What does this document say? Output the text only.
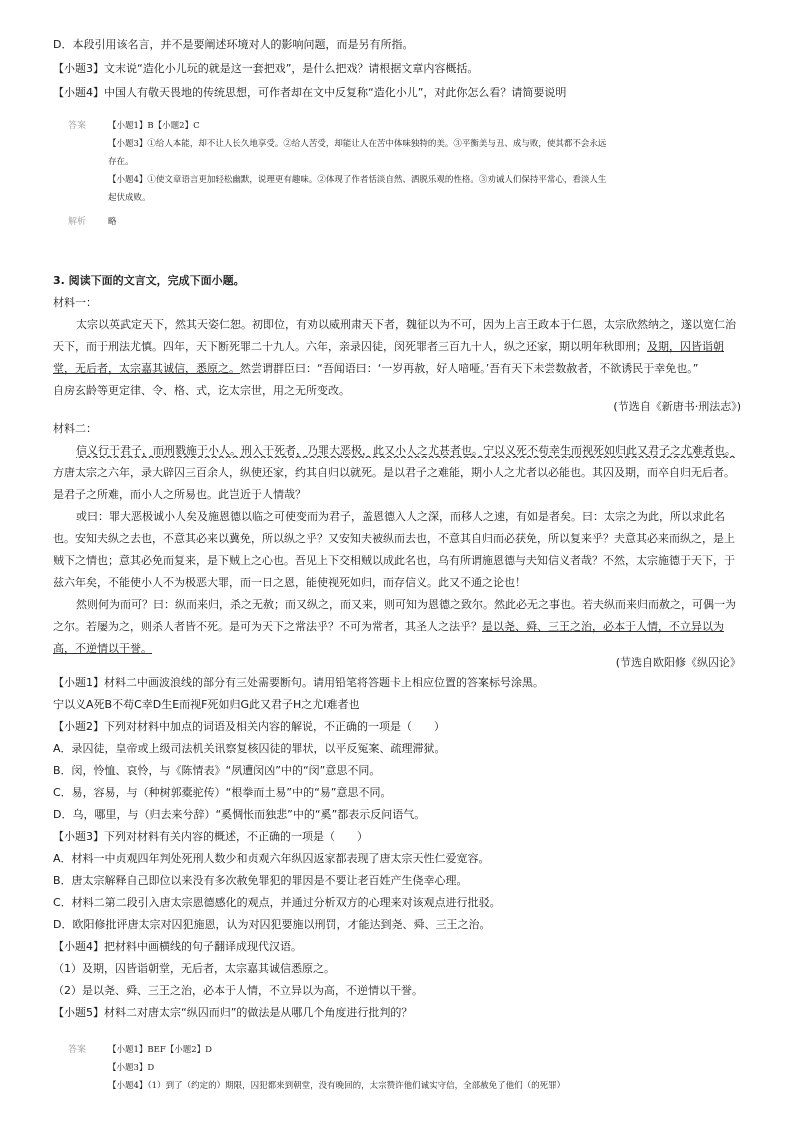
D．本段引用该名言，并不是要阐述环境对人的影响问题，而是另有所指。
【小题3】文末说“造化小儿玩的就是这一套把戏”，是什么把戏？请根据文章内容概括。
【小题4】中国人有敬天畏地的传统思想，可作者却在文中反复称“造化小儿”，对此你怎么看？请简要说明
答案	【小题1】B【小题2】C
【小题3】①给人本能，却不让人长久地享受。②给人苦受，却能让人在苦中体味独特的美。③平衡美与丑、成与败，使其都不会永远
存在。
【小题4】①使文章语言更加轻松幽默，说理更有趣味。②体现了作者恬淡自然、洒脱乐观的性格。③劝诫人们保持平常心，看淡人生
起伏成败。
解析	略
3. 阅读下面的文言文，完成下面小题。
材料一：
太宗以英武定天下，然其天姿仁恕。初即位，有劝以威刑肃天下者，魏征以为不可，因为上言王政本于仁恩，太宗欣然纳之，遂以宽仁治
天下，而于刑法尤慎。四年，天下断死罪二十九人。六年，亲录囚徒，闵死罪者三百九十人，纵之还家，期以明年秋即刑；及期，囚皆诣朝
堂，无后者，太宗嘉其诚信，悉原之。然尝谓群臣曰：“吾闻语曰：‘一岁再赦，好人喑哑。’吾有天下未尝数赦者，不欲诱民于幸免也。”
自房玄龄等更定律、令、格、式，讫太宗世，用之无所变改。
(节选自《新唐书·刑法志》)
材料二：
信义行于君子，而刑戮施于小人。刑入于死者，乃罪大恶极，此又小人之尤甚者也。宁以义死不苟幸生而视死如归此又君子之尤难者也。
方唐太宗之六年，录大辟囚三百余人，纵使还家，约其自归以就死。是以君子之难能，期小人之尤者以必能也。其囚及期，而卒自归无后者。
是君子之所难，而小人之所易也。此岂近于人情哉？
或曰：罪大恶极诚小人矣及施恩德以临之可使变而为君子，盖恩德入人之深，而移人之速，有如是者矣。曰：太宗之为此，所以求此名
也。安知夫纵之去也，不意其必来以冀免，所以纵之乎？又安知夫被纵而去也，不意其自归而必获免，所以复来乎？夫意其必来而纵之，是上
贼下之情也；意其必免而复来，是下贼上之心也。吾见上下交相贼以成此名也，乌有所谓施恩德与夫知信义者哉？不然，太宗施德于天下，于
兹六年矣，不能使小人不为极恶大罪，而一日之恩，能使视死如归，而存信义。此又不通之论也！
然则何为而可？曰：纵而来归，杀之无赦；而又纵之，而又来，则可知为恩德之致尔。然此必无之事也。若夫纵而来归而赦之，可偶一为
之尔。若屡为之，则杀人者皆不死。是可为天下之常法乎？不可为常者，其圣人之法乎？是以尧、舜、三王之治，必本于人情，不立异以为
高，不逆情以干誉。
(节选自欧阳修《纵囚论》
【小题1】材料二中画波浪线的部分有三处需要断句。请用铅笔将答题卡上相应位置的答案标号涂黑。
宁以义A死B不苟C幸D生E而视F死如归G此又君子H之尤I难者也
【小题2】下列对材料中加点的词语及相关内容的解说，不正确的一项是（　　）
A．录囚徒，皇帝或上级司法机关讯察复核囚徒的罪状，以平反冤案、疏理滞狱。
B．闵，怜恤、哀怜，与《陈情表》“夙遭闵凶”中的“闵”意思不同。
C．易，容易，与（种树郭橐驼传）“根拳而土易”中的“易”意思不同。
D．乌，哪里，与（归去来兮辞）“奚惆怅而独悲”中的“奚”都表示反问语气。
【小题3】下列对材料有关内容的概述，不正确的一项是（　　）
A．材料一中贞观四年判处死刑人数少和贞观六年纵囚返家都表现了唐太宗天性仁爱宽容。
B．唐太宗解释自己即位以来没有多次赦免罪犯的罪因是不要让老百姓产生侥幸心理。
C．材料二第二段引入唐太宗恩德感化的观点，并通过分析双方的心理来对该观点进行批驳。
D．欧阳修批评唐太宗对囚犯施恩，认为对囚犯要施以刑罚，才能达到尧、舜、三王之治。
【小题4】把材料中画横线的句子翻译成现代汉语。
（1）及期，囚皆诣朝堂，无后者，太宗嘉其诚信悉原之。
（2）是以尧、舜、三王之治，必本于人情，不立异以为高，不逆情以干誉。
【小题5】材料二对唐太宗“纵囚而归”的做法是从哪几个角度进行批判的？
答案	【小题1】BEF【小题2】D
【小题3】D
【小题4】（1）到了（约定的）期限，囚犯都来到朝堂，没有晚回的，太宗赞许他们诚实守信，全部赦免了他们（的死罪）
